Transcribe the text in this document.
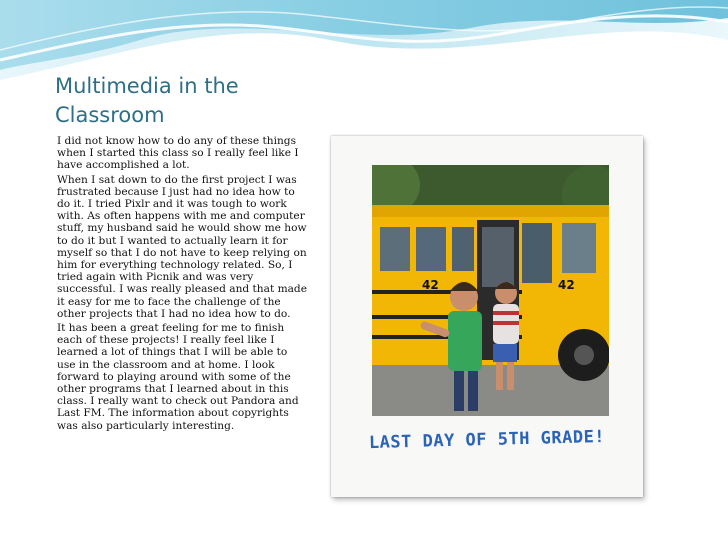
Multimedia in the Classroom

I did not know how to do any of these things when I started this class so I really feel like I have accomplished a lot.

When I sat down to do the first project I was frustrated because I just had no idea how to do it. I tried Pixlr and it was tough to work with. As often happens with me and computer stuff, my husband said he would show me how to do it but I wanted to actually learn it for myself so that I do not have to keep relying on him for everything technology related. So, I tried again with Picnik and was very successful. I was really pleased and that made it easy for me to face the challenge of the other projects that I had no idea how to do.

It has been a great feeling for me to finish each of these projects! I really feel like I learned a lot of things that I will be able to use in the classroom and at home. I look forward to playing around with some of the other programs that I learned about in this class. I really want to check out Pandora and Last FM. The information about copyrights was also particularly interesting.

42	42
LAST DAY OF 5TH GRADE!
